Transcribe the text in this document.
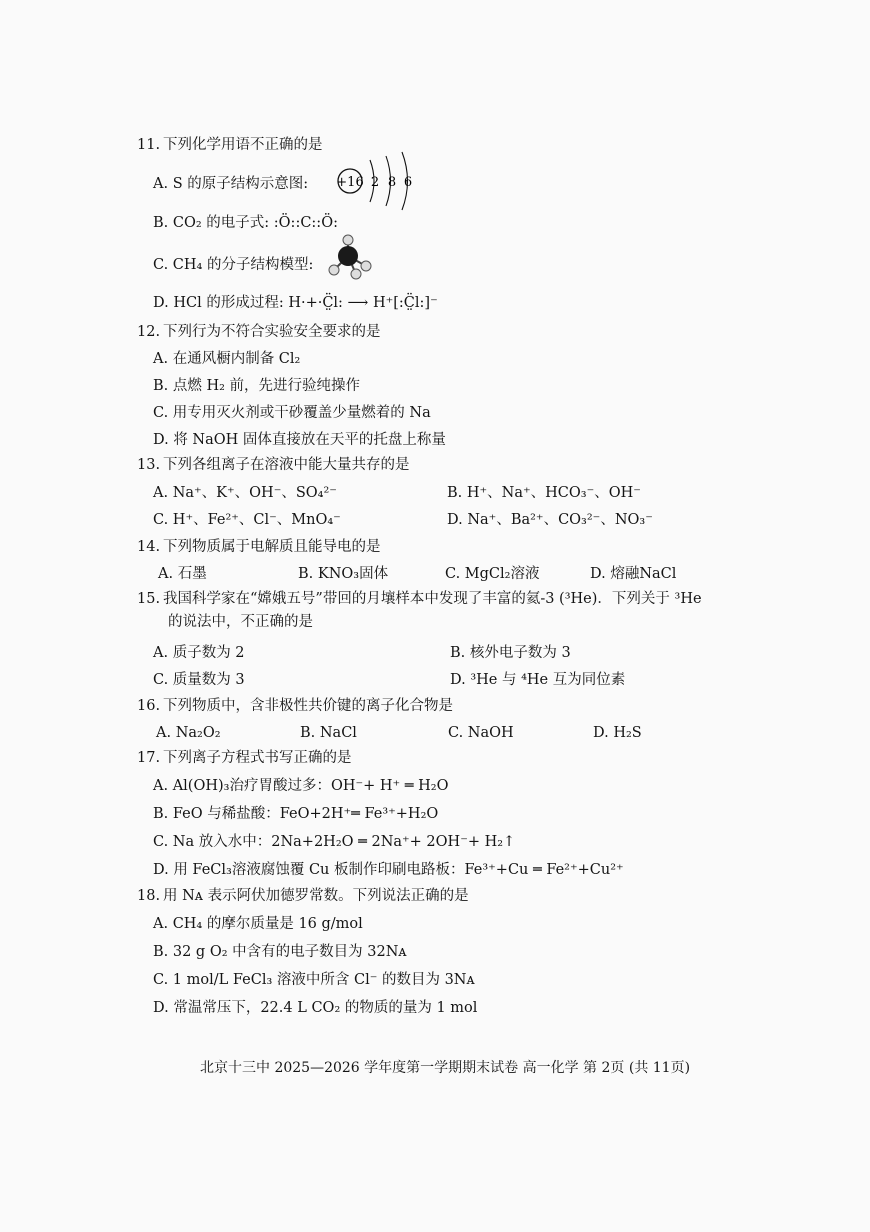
11. 下列化学用语不正确的是
A. S 的原子结构示意图: +16 2 8 6
B. CO₂ 的电子式: :Ö::C::Ö:
C. CH₄ 的分子结构模型:
D. HCl 的形成过程: H·+·C̤̈l: ⟶ H⁺[:C̤̈l:]⁻
12. 下列行为不符合实验安全要求的是
A. 在通风橱内制备 Cl₂
B. 点燃 H₂ 前，先进行验纯操作
C. 用专用灭火剂或干砂覆盖少量燃着的 Na
D. 将 NaOH 固体直接放在天平的托盘上称量
13. 下列各组离子在溶液中能大量共存的是
A. Na⁺、K⁺、OH⁻、SO₄²⁻	B. H⁺、Na⁺、HCO₃⁻、OH⁻
C. H⁺、Fe²⁺、Cl⁻、MnO₄⁻	D. Na⁺、Ba²⁺、CO₃²⁻、NO₃⁻
14. 下列物质属于电解质且能导电的是
A. 石墨	B. KNO₃固体	C. MgCl₂溶液	D. 熔融NaCl
15. 我国科学家在“嫦娥五号”带回的月壤样本中发现了丰富的氦-3 (³He)．下列关于 ³He
的说法中，不正确的是
A. 质子数为 2	B. 核外电子数为 3
C. 质量数为 3	D. ³He 与 ⁴He 互为同位素
16. 下列物质中，含非极性共价键的离子化合物是
A. Na₂O₂	B. NaCl	C. NaOH	D. H₂S
17. 下列离子方程式书写正确的是
A. Al(OH)₃治疗胃酸过多：OH⁻+ H⁺ ═ H₂O
B. FeO 与稀盐酸：FeO+2H⁺═ Fe³⁺+H₂O
C. Na 放入水中：2Na+2H₂O ═ 2Na⁺+ 2OH⁻+ H₂↑
D. 用 FeCl₃溶液腐蚀覆 Cu 板制作印刷电路板：Fe³⁺+Cu ═ Fe²⁺+Cu²⁺
18. 用 Nᴀ 表示阿伏加德罗常数。下列说法正确的是
A. CH₄ 的摩尔质量是 16 g/mol
B. 32 g O₂ 中含有的电子数目为 32Nᴀ
C. 1 mol/L FeCl₃ 溶液中所含 Cl⁻ 的数目为 3Nᴀ
D. 常温常压下，22.4 L CO₂ 的物质的量为 1 mol
北京十三中 2025—2026 学年度第一学期期末试卷 高一化学 第 2页 (共 11页)
